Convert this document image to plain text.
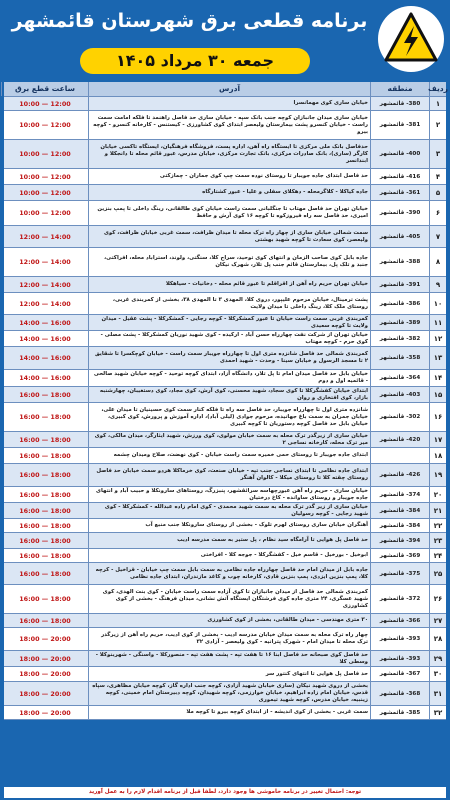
برنامه قطعی برق شهرستان قائمشهر
جمعه ۳۰ مرداد ۱۴۰۵
ردیف
منطقه
آدرس
ساعت قطع برق
۱
380- قائمشهر
خیابان ساری کوی مهمانسرا
10:00 — 12:00
۲
381- قائمشهر
خیابان ساری میدان جانبازان کوچه جنب بانک سپه - خیابان ساری حد فاصل راهنمد تا فلکه امامت سمت راست - خیابان کنسرو پشت بیمارستان ولیعصر ابتدای کوی کشاورزی - کیستنس - کارخانه کنسرو - کوچه بیرو
10:00 — 12:00
۳
400- قائمشهر
حدفاصل بانک ملی مرکزی تا ایستگاه راه آهن، اداره پست، فروشگاه فرهنگیان، ایستگاه تاکسی خیابان کارگر (ساری)، بانک صادرات مرکزی، بانک تجارت مرکزی، خیابان مدرس، عبور قائم محله تا دانجکلا و ابندانسر
10:00 — 12:00
۴
416- قائمشهر
حد فاصل ابتدای جاده جویبار تا روستای نوده سمت چپ کوی جماران - چمازکتی
10:00 — 12:00
۵
361- قائمشهر
جاده کیاکلا - کلاگرمحله - دهکلای سفلی و علیا - عبور کشتارگاه
10:00 — 12:00
۶
390- قائمشهر
خیابان تهران حد فاصل مهتاب تا جنگلبانی سمت راست خیابان کوی طالقانی، رینگ داخلی تا پمپ بنزین امیری، حد فاصل سه راه فیروزکوه تا کوچه ۱۶ کوی آرش و حافظ
10:00 — 12:00
۷
405- قائمشهر
سمت شمالی خیابان ساری از چهار راه ترک محله تا میدان ظرافت، سمت غربی خیابان ظرافت، کوی ولیعصر، کوی سعادت تا کوچه شهید بهشتی
12:00 — 14:00
۸
388- قائمشهر
جاده بابل کوی صاحب الزمان و انتهای کوی توحید، سراج کلا، سنگتی، ولوند، استراباد محله، افراکتی، جنبد و تلک پل، بیمارستان قائم جنب پل تلار، شهرک نیکان
12:00 — 14:00
۹
391- قائمشهر
خیابان تهران حریم راه آهن از اقراقلم تا عبور قائم محله - دخانیات - سیاهکلا
12:00 — 14:00
۱۰
386- قائمشهر
پشت ترمینال، خیابان مرحوم علیپور، دروی کلا، المهدی ۳ تا المهدی ۳۸، بخشی از کمربندی غربی، روستای ملک کلا، رینگ داخلی تا میدان ولایت
12:00 — 14:00
۱۱
389- قائمشهر
کمربندی غربی سمت راست خیابان تا عبور کمشکرکلا - کوچه رجایی - کمشکرکلا - پشت عقیل - میدان ولایت تا کوچه سعیدی
14:00 — 16:00
۱۲
382- قائمشهر
خیابان تهران از شرکت نفت چهارراه حسن آباد - ارکیده - کوی شهید نوریان کمشکرکلا - پشت مصلی - کوی حرم - کوچه مهتاب
14:00 — 16:00
۱۳
358- قائمشهر
کمربندی شمالی حد فاصل شانزده متری اول تا چهارراه جویبار سمت راست - خیابان کوچکسرا تا شقایق ۲ تا مسجد الرسول و خیابان سینا - وحدت - شهید احمدی
14:00 — 16:00
۱۴
364- قائمشهر
خیابان بابل حد فاصل میدان امام تا پل تلار، دانشگاه آزاد، ابتدای کوچه توحید - کوچه خیابان شهید صالحی - قائمیه اول و دوم
14:00 — 16:00
۱۵
403- قائمشهر
ابتدای خیابان کفشگرکلا تا کوی سجاد، شهید محسنی، کوی آرش، کوی مجاد، کوی دستغیبان، چهارشنبه بازار، کوی افتخاری و روان
16:00 — 18:00
۱۶
302- قائمشهر
شانزده متری اول تا چهارراه جویبار، حد فاصل سه راه تا فلکه کنار سمت کوی حسینیان تا میدان علی، خیابان جمران به سمت باغ جهانیده، مرحوم جوادی (لیلی آباد)، اداره آموزش و پرورش، کوی کبیری، خیابان بابل حد فاصل کوچه دستوریان تا کوچه کبیری
16:00 — 18:00
۱۷
420- قائمشهر
خیابان ساری از زیرگذر ترک محله به سمت خیابان مولوی، کوی ورزش، شهید ایثارگر، میدان مالکی، کوی میر ترک محله، کارخانه نساجی ۲
16:00 — 18:00
۱۸
ابتدای جاده جویبار تا روستای حمی خمیره سمت راست خیابان - کوی نهضت، صلاح ومیدان چشمه
16:00 — 18:00
۱۹
426- قائمشهر
ابتدای جاده نظامی تا ابتدای نساجی جنب تپه - خیابان صنعت، کوی خرماکلا هردو سمت خیابان حد فاصل روستای چقته کلا تا روستای میکلا - کالوان آهنگر
16:00 — 18:00
۲۰
374- قائمشهر
خیابان ساری - حریم راه آهن عبورچهاسه سرائقشهر، پنبزرگ، روستاهای سارونکلا و حبیب آباد و انتهای جاده جویبار و روستای ساوانده - کاخ درختیان
16:00 — 18:00
۲۱
384- قائمشهر
خیابان ساری از زیر گذر ترک محله به سمت شهید محمدی - کوی امام زاده عبدالله - کمشکرکلا - کوی شهید رجایی - کوچه رسولیان
16:00 — 18:00
۲۲
384- قائمشهر
آهنگران خیابان ساری روستای لهرم تلوک - بخشی از روستای سارونکلا جنب منبع آب
16:00 — 18:00
۲۳
394- قائمشهر
حد فاصل پل هوایی تا آرامگاه سید نظام ، پل ستیر به سمت مدرسه ادیب
16:00 — 18:00
۲۴
369- قائمشهر
ابوخیل - بورخیل - قاسم خیل - کفشگرکلا - جوجه کلا - افراختی
16:00 — 18:00
۲۵
375- قائمشهر
جاده بابل از میدان امام حد فاصل چهارراه جاده نظامی به سمت بابل سمت چپ خیابان - قراخیل - کرچه کلا، پمپ بنزین ایزدی، پمپ بنزین قادی، کارخانه چوب و کاغذ مازندران، ابتدای جاده نظامی
16:00 — 18:00
۲۶
372- قائمشهر
کمربندی شمالی حد فاصل از میدان جانبازان تا کوی آزاده سمت راست خیابان - کوی بنت الهدی، کوی شهید عسگری، ۲۴ متری جاده کوی فرشتگان ایستگاه آتش نشانی، میدان فرهنگ - بخشی از کوی کشاورزی
16:00 — 18:00
۲۷
366- قائمشهر
۳۰ متری مهندسی - میدان طالقانی، بخشی از کوی کشاورزی
16:00 — 18:00
۲۸
393- قائمشهر
چهار راه ترک محله به سمت میدان خیابان مدرسه ادیب - بخشی از کوی ادیب، حریم راه آهن از زیرگذر ترک محله تا میدان امام - شهرک پترانیه - کوی ولیعصر - آزادی ۳۲
18:00 — 20:00
۲۹
393- قائمشهر
حد فاصل کوی صبحانه حد فاصل ابنا ۱۶ تا هفت تپه - پشت هفت تپه - منصورکلا - واسنگی - شهربنوکلا - وسطی کلا
18:00 — 20:00
۳۰
367- قائمشهر
حد فاصل پل هوایی تا انتهای کنتور سر
18:00 — 20:00
۳۱
368- قائمشهر
بخشی از دروی شهید نیکان (ساری خیابان شهید آزادی، کوچه جنب اداره گاز، کوچه خیابان مظاهری، سپاه قدس، خیابان امام زاده ابراهیم، خیابان خوارزمی، کوچه شهیدان، کوچه دبیرستان امام خمینی، کوچه زینبیه، خیابان مدرس، کوچه شهید تیموری
18:00 — 20:00
۳۲
385- قائمشهر
سمت غربی - بخشی از کوی اندیشه - از ابتدای کوچه بیرو تا کوچه ملا
18:00 — 20:00
توجه: احتمال تغییر در برنامه خاموشی ها وجود دارد، لطفا قبل از برنامه اقدام لازم را به عمل آورید
